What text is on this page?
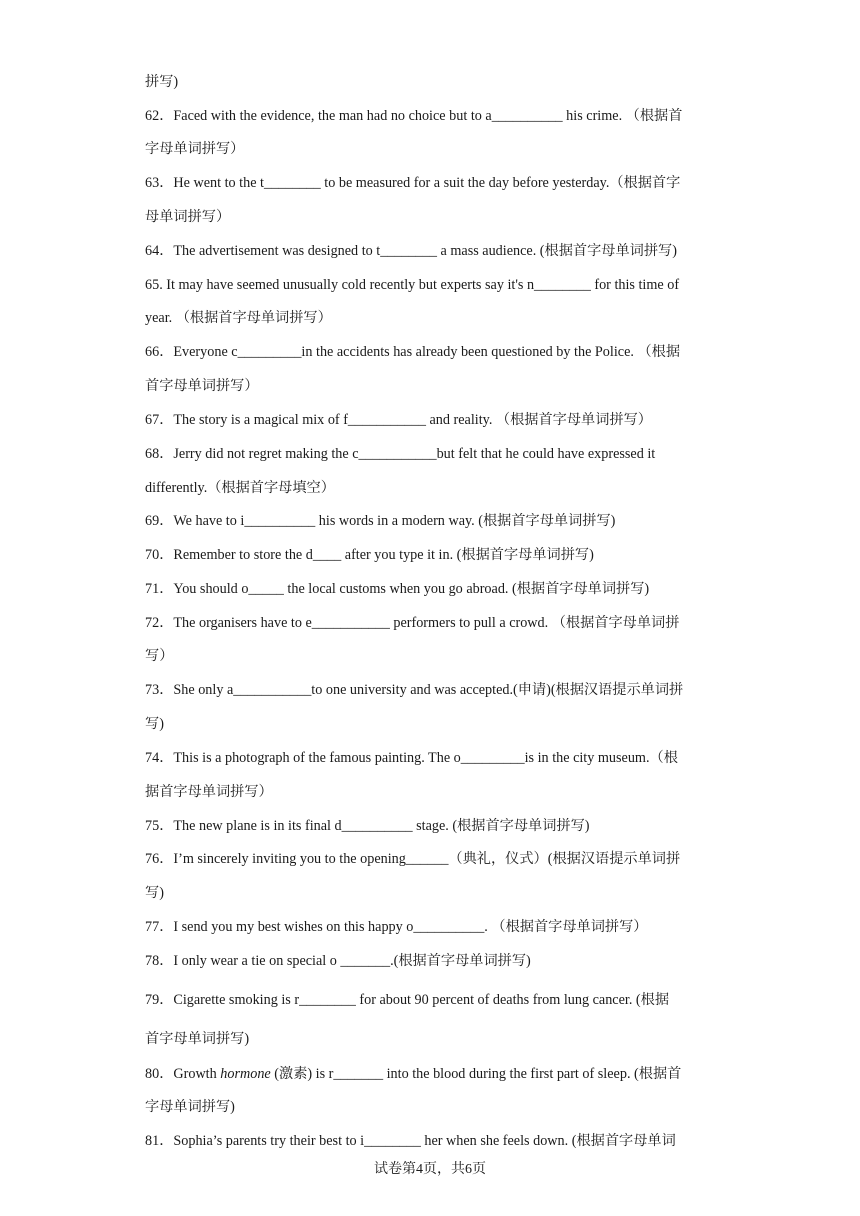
拼写)
62．Faced with the evidence, the man had no choice but to a__________ his crime. （根据首
字母单词拼写）
63．He went to the t________ to be measured for a suit the day before yesterday.（根据首字
母单词拼写）
64．The advertisement was designed to t________ a mass audience. (根据首字母单词拼写)
65. It may have seemed unusually cold recently but experts say it's n________ for this time of
year. （根据首字母单词拼写）
66．Everyone c_________in the accidents has already been questioned by the Police. （根据
首字母单词拼写）
67．The story is a magical mix of f___________ and reality. （根据首字母单词拼写）
68．Jerry did not regret making the c___________but felt that he could have expressed it
differently.（根据首字母填空）
69．We have to i__________ his words in a modern way. (根据首字母单词拼写)
70．Remember to store the d____ after you type it in. (根据首字母单词拼写)
71．You should o_____ the local customs when you go abroad. (根据首字母单词拼写)
72．The organisers have to e___________ performers to pull a crowd. （根据首字母单词拼
写）
73．She only a___________to one university and was accepted.(申请)(根据汉语提示单词拼
写)
74．This is a photograph of the famous painting. The o_________is in the city museum.（根
据首字母单词拼写）
75．The new plane is in its final d__________ stage. (根据首字母单词拼写)
76．I’m sincerely inviting you to the opening______（典礼，仪式）(根据汉语提示单词拼
写)
77．I send you my best wishes on this happy o__________. （根据首字母单词拼写）
78．I only wear a tie on special o _______.(根据首字母单词拼写)
79．Cigarette smoking is r________ for about 90 percent of deaths from lung cancer. (根据
首字母单词拼写)
80．Growth hormone (激素) is r_______ into the blood during the first part of sleep. (根据首
字母单词拼写)
81．Sophia’s parents try their best to i________ her when she feels down. (根据首字母单词
试卷第4页，共6页
